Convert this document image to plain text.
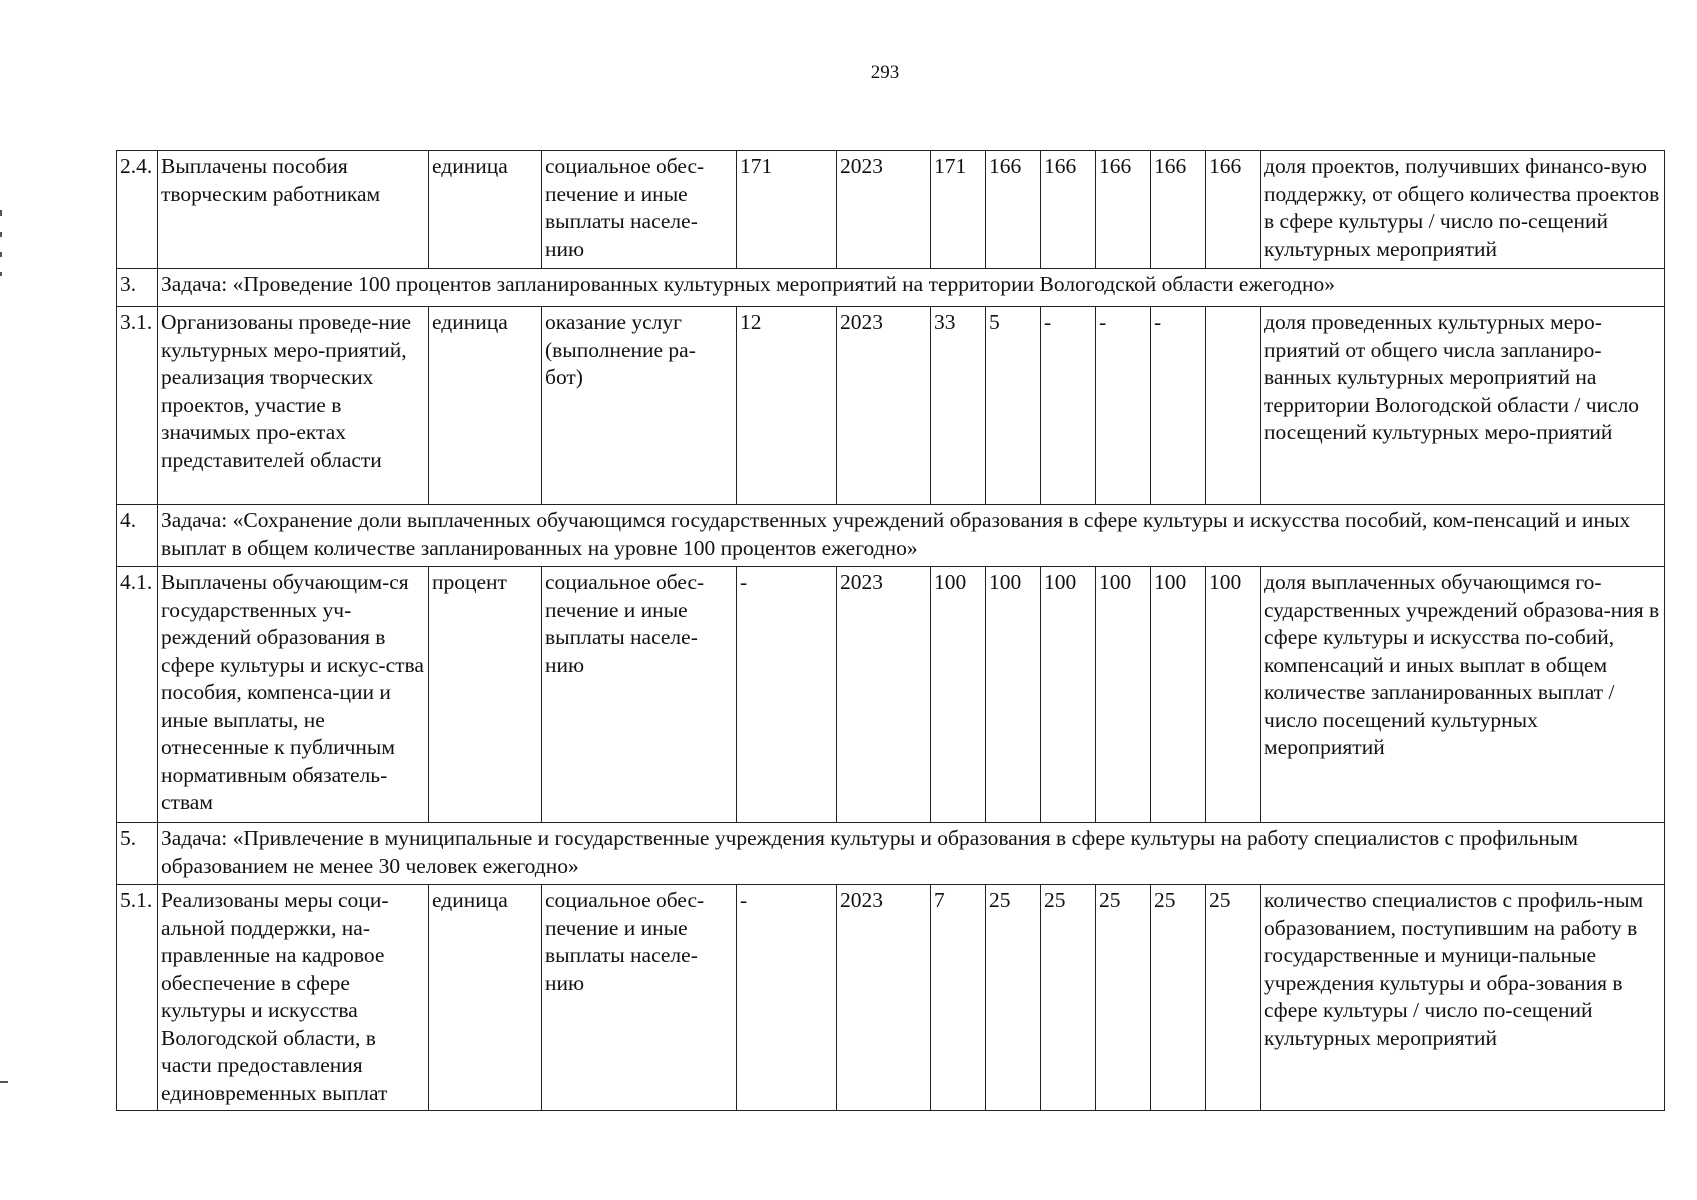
293
2.4.	Выплачены пособия творческим работникам	единица	социальное обес-печение и иные выплаты населе-нию	171	2023	171	166	166	166	166	166	доля проектов, получивших финансо-вую поддержку, от общего количества проектов в сфере культуры / число по-сещений культурных мероприятий
3.	Задача: «Проведение 100 процентов запланированных культурных мероприятий на территории Вологодской области ежегодно»											
3.1.	Организованы проведе-ние культурных меро-приятий, реализация творческих проектов, участие в значимых про-ектах представителей области	единица	оказание услуг (выполнение ра-бот)	12	2023	33	5	-	-	-		доля проведенных культурных меро-приятий от общего числа запланиро-ванных культурных мероприятий на территории Вологодской области / число посещений культурных меро-приятий
4.	Задача: «Сохранение доли выплаченных обучающимся государственных учреждений образования в сфере культуры и искусства пособий, ком-пенсаций и иных выплат в общем количестве запланированных на уровне 100 процентов ежегодно»											
4.1.	Выплачены обучающим-ся государственных уч-реждений образования в сфере культуры и искус-ства пособия, компенса-ции и иные выплаты, не отнесенные к публичным нормативным обязатель-ствам	процент	социальное обес-печение и иные выплаты населе-нию	-	2023	100	100	100	100	100	100	доля выплаченных обучающимся го-сударственных учреждений образова-ния в сфере культуры и искусства по-собий, компенсаций и иных выплат в общем количестве запланированных выплат / число посещений культурных мероприятий
5.	Задача: «Привлечение в муниципальные и государственные учреждения культуры и образования в сфере культуры на работу специалистов с профильным образованием не менее 30 человек ежегодно»											
5.1.	Реализованы меры соци-альной поддержки, на-правленные на кадровое обеспечение в сфере культуры и искусства Вологодской области, в части предоставления единовременных выплат	единица	социальное обес-печение и иные выплаты населе-нию	-	2023	7	25	25	25	25	25	количество специалистов с профиль-ным образованием, поступившим на работу в государственные и муници-пальные учреждения культуры и обра-зования в сфере культуры / число по-сещений культурных мероприятий
